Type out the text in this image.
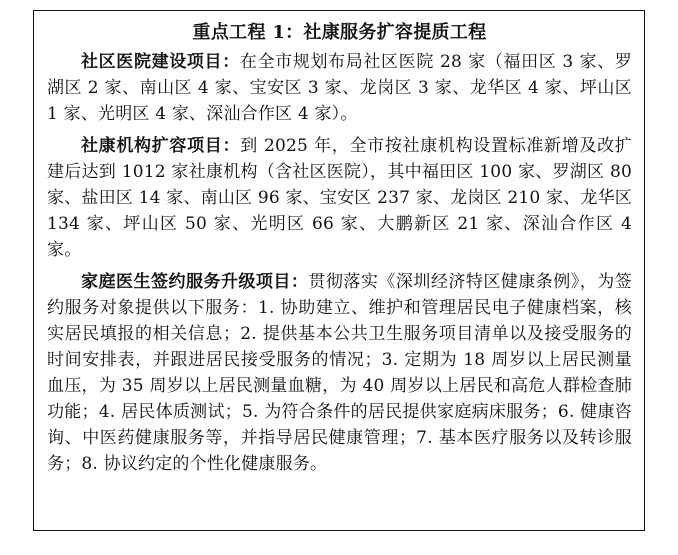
重点工程 1：社康服务扩容提质工程

社区医院建设项目：在全市规划布局社区医院 28 家（福田区 3 家、罗湖区 2 家、南山区 4 家、宝安区 3 家、龙岗区 3 家、龙华区 4 家、坪山区 1 家、光明区 4 家、深汕合作区 4 家）。

社康机构扩容项目：到 2025 年，全市按社康机构设置标准新增及改扩建后达到 1012 家社康机构（含社区医院），其中福田区 100 家、罗湖区 80 家、盐田区 14 家、南山区 96 家、宝安区 237 家、龙岗区 210 家、龙华区 134 家、坪山区 50 家、光明区 66 家、大鹏新区 21 家、深汕合作区 4 家。

家庭医生签约服务升级项目：贯彻落实《深圳经济特区健康条例》，为签约服务对象提供以下服务：1. 协助建立、维护和管理居民电子健康档案，核实居民填报的相关信息；2. 提供基本公共卫生服务项目清单以及接受服务的时间安排表，并跟进居民接受服务的情况；3. 定期为 18 周岁以上居民测量血压，为 35 周岁以上居民测量血糖，为 40 周岁以上居民和高危人群检查肺功能；4. 居民体质测试；5. 为符合条件的居民提供家庭病床服务；6. 健康咨询、中医药健康服务等，并指导居民健康管理；7. 基本医疗服务以及转诊服务；8. 协议约定的个性化健康服务。
